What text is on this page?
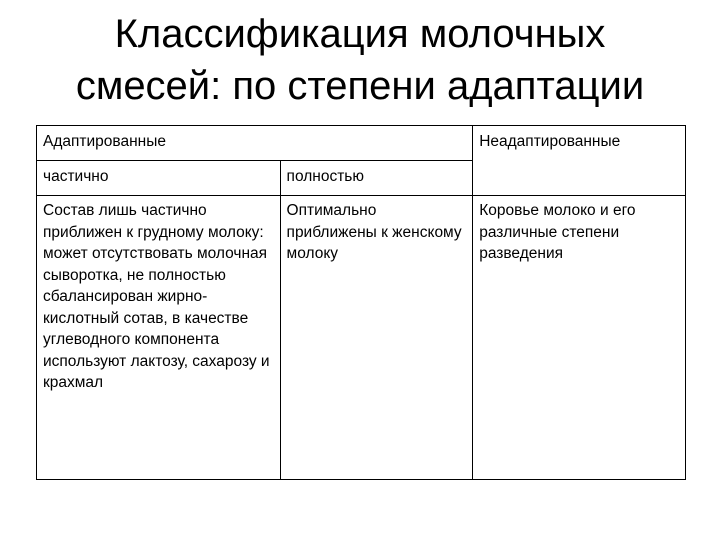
Классификация молочных
смесей: по степени адаптации
Адаптированные		Неадаптированные
частично	полностью	
Состав лишь частично приближен к грудному молоку: может отсутствовать молочная сыворотка, не полностью сбалансирован жирно-кислотный сотав, в качестве углеводного компонента используют лактозу, сахарозу и крахмал	Оптимально приближены к женскому молоку	Коровье молоко и его различные степени разведения
